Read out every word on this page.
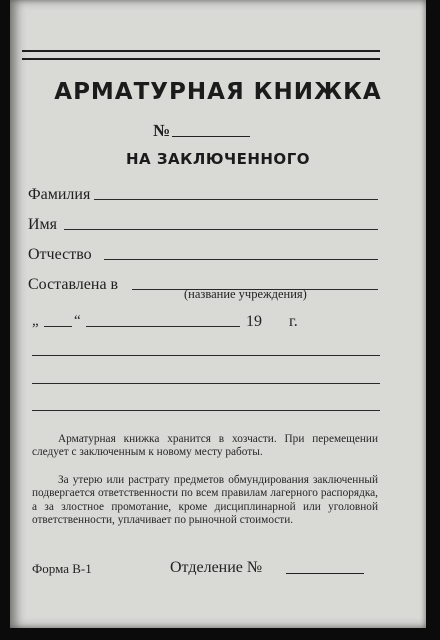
АРМАТУРНАЯ КНИЖКА
№
НА ЗАКЛЮЧЕННОГО
Фамилия
Имя
Отчество
Составлена в
(название учреждения)
„ “	19 г.

Арматурная книжка хранится в хозчасти. При перемещении следует с заключенным к новому месту работы.

За утерю или растрату предметов обмундирования заключенный подвергается ответственности по всем правилам лагерного распорядка, а за злостное промотание, кроме дисциплинарной или уголовной ответственности, уплачивает по рыночной стоимости.

Форма В-1	Отделение №
